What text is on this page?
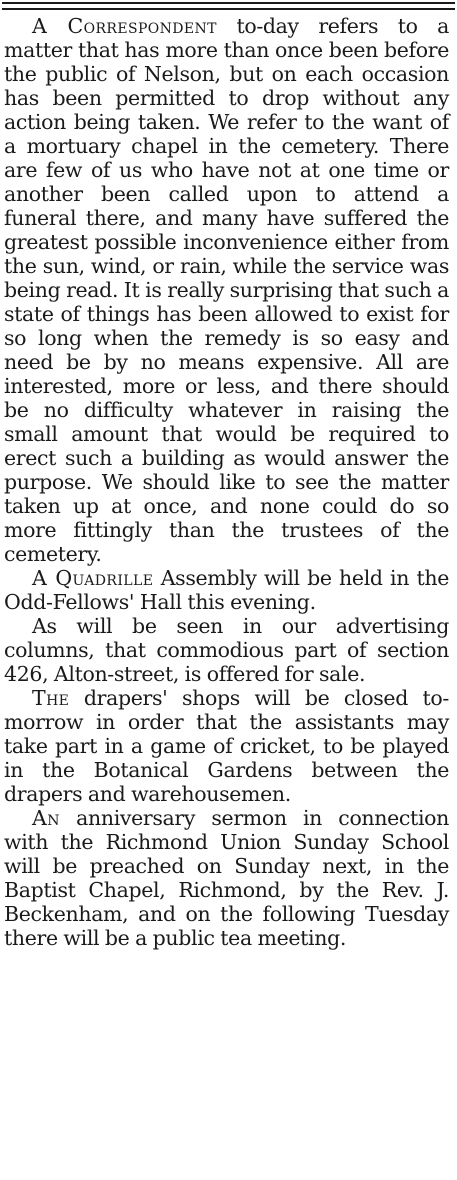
A Correspondent to-day refers to a matter that has more than once been before the public of Nelson, but on each occasion has been permitted to drop without any action being taken. We refer to the want of a mortuary chapel in the cemetery. There are few of us who have not at one time or another been called upon to attend a funeral there, and many have suffered the greatest possible inconvenience either from the sun, wind, or rain, while the service was being read. It is really surprising that such a state of things has been allowed to exist for so long when the remedy is so easy and need be by no means expensive. All are interested, more or less, and there should be no difficulty whatever in raising the small amount that would be required to erect such a building as would answer the purpose. We should like to see the matter taken up at once, and none could do so more fittingly than the trustees of the cemetery.

A Quadrille Assembly will be held in the Odd-Fellows' Hall this evening.

As will be seen in our advertising columns, that commodious part of section 426, Alton-street, is offered for sale.

The drapers' shops will be closed to-morrow in order that the assistants may take part in a game of cricket, to be played in the Botanical Gardens between the drapers and warehousemen.

An anniversary sermon in connection with the Richmond Union Sunday School will be preached on Sunday next, in the Baptist Chapel, Richmond, by the Rev. J. Beckenham, and on the following Tuesday there will be a public tea meeting.
